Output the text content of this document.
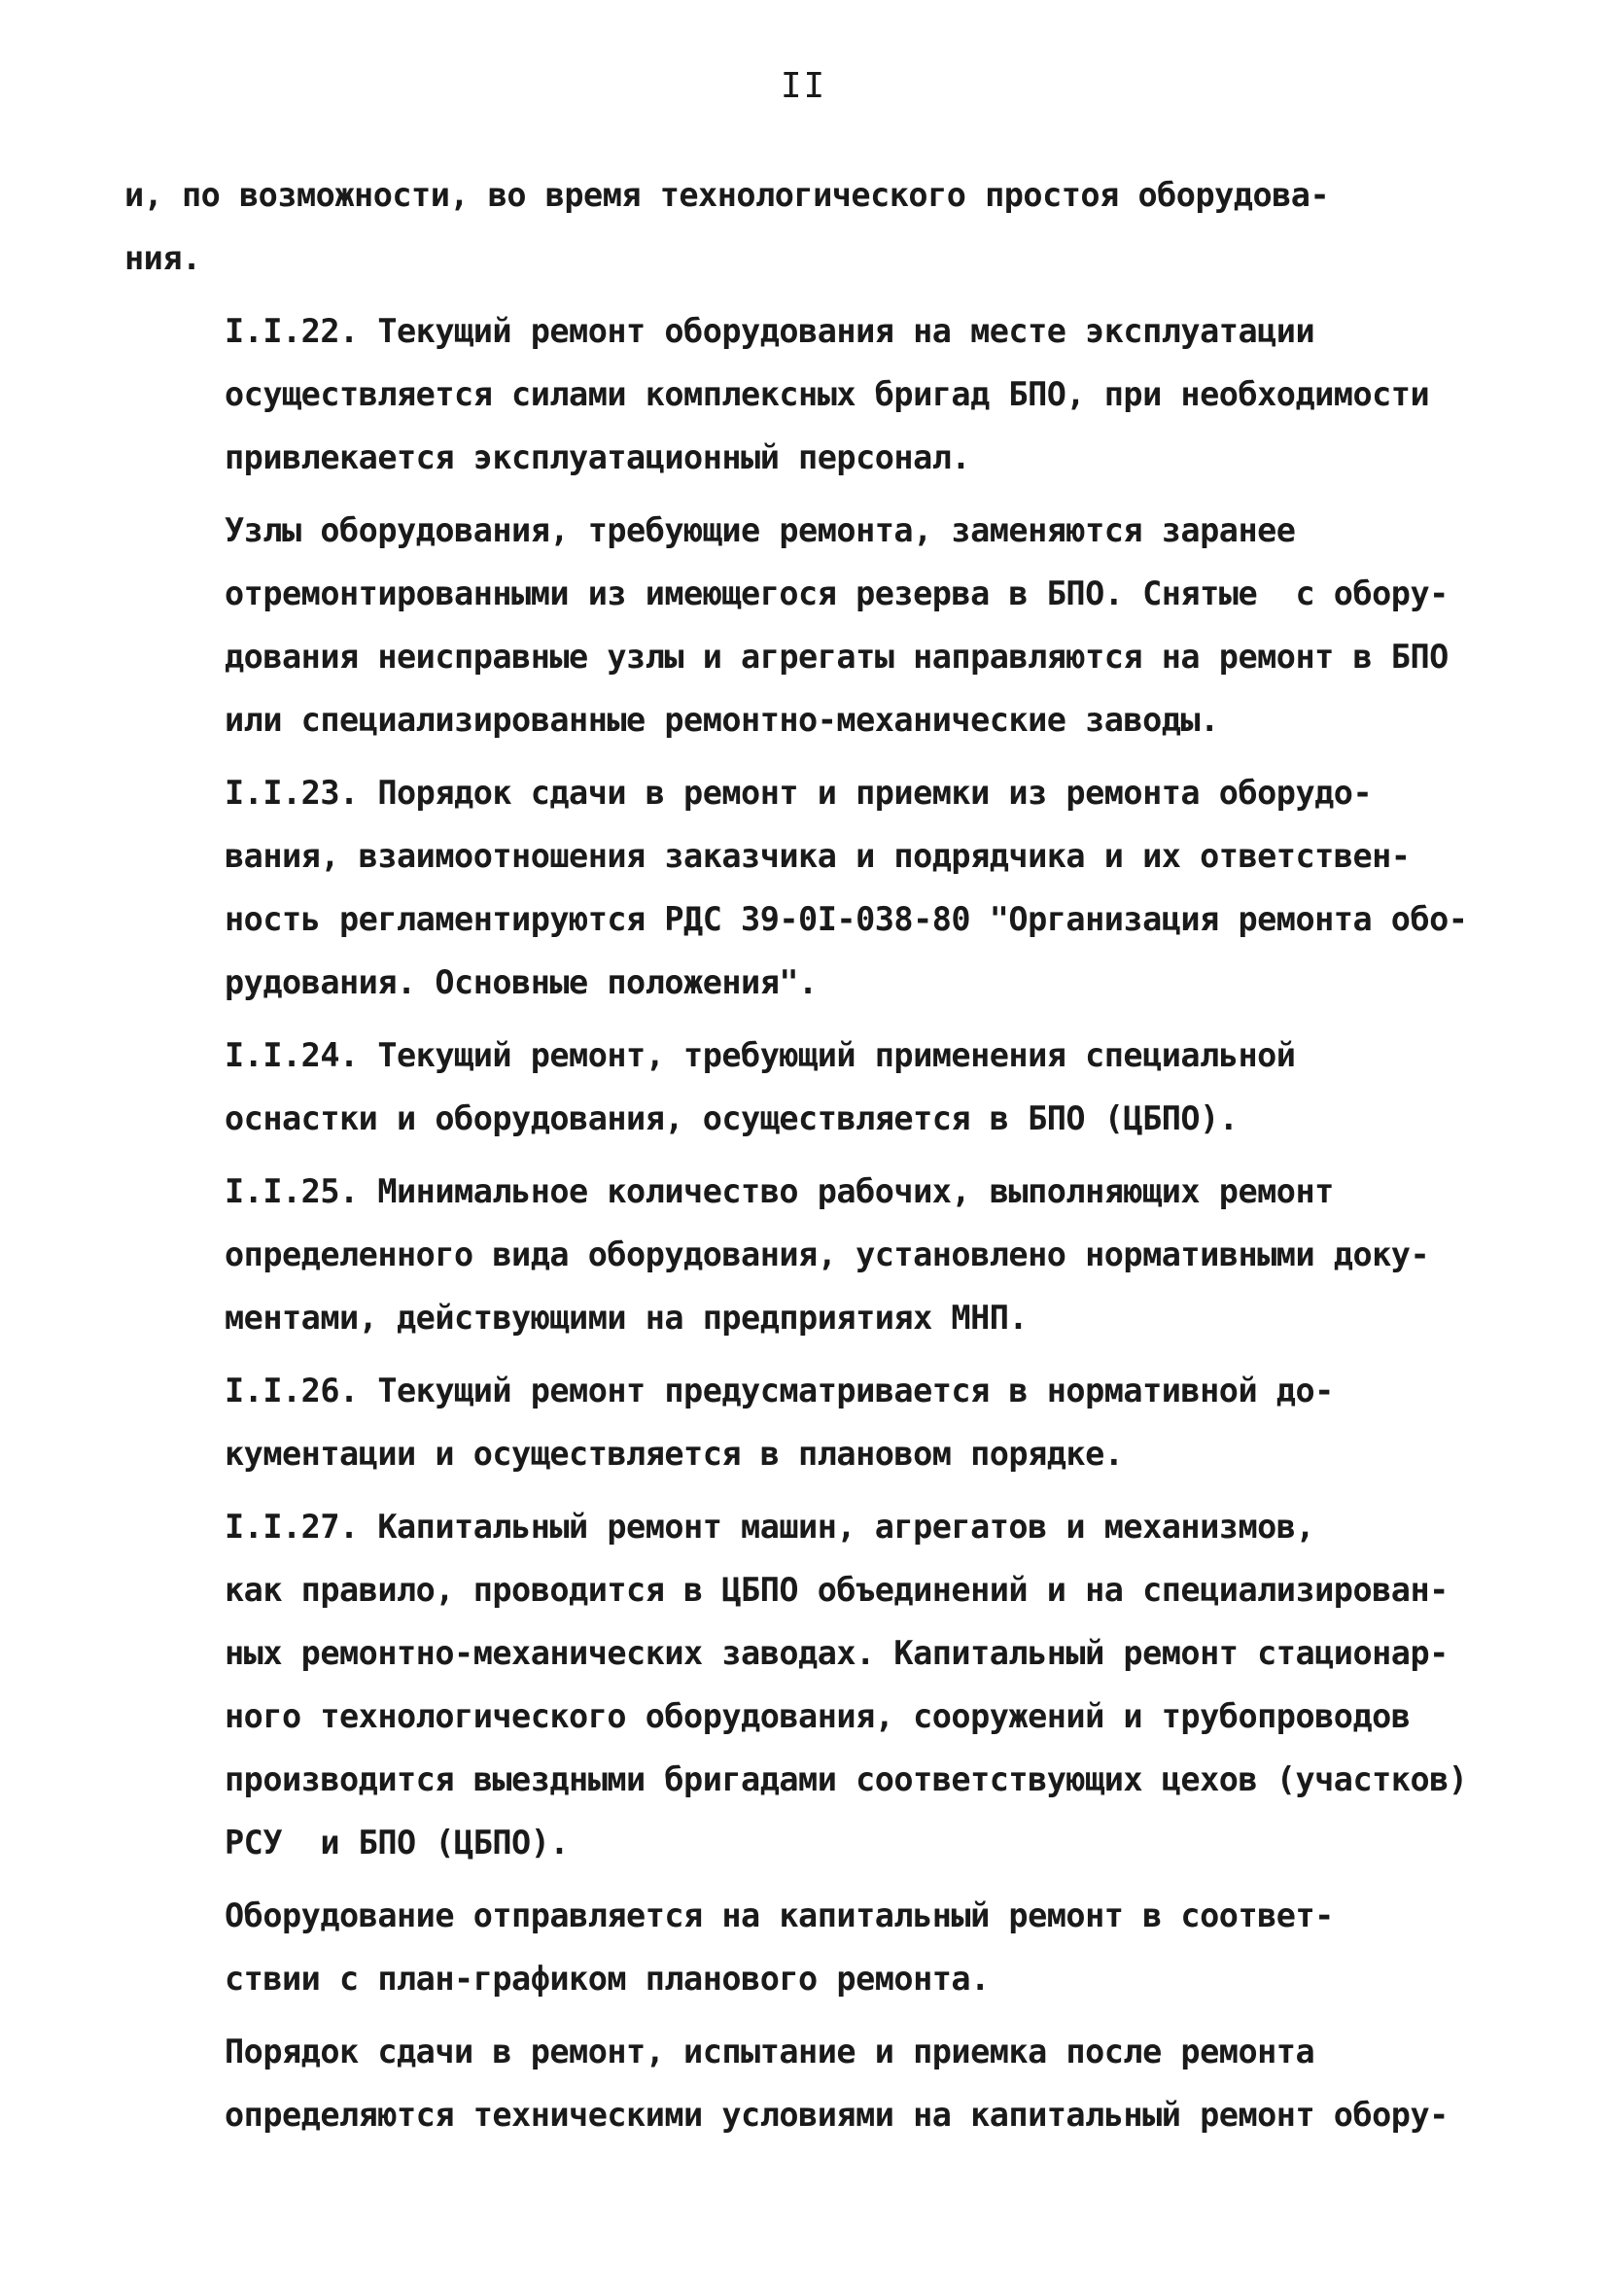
II

и, по возможности, во время технологического простоя оборудова-
ния.

I.I.22. Текущий ремонт оборудования на месте эксплуатации
осуществляется силами комплексных бригад БПО, при необходимости
привлекается эксплуатационный персонал.

Узлы оборудования, требующие ремонта, заменяются заранее
отремонтированными из имеющегося резерва в БПО. Снятые  с обору-
дования неисправные узлы и агрегаты направляются на ремонт в БПО
или специализированные ремонтно-механические заводы.

I.I.23. Порядок сдачи в ремонт и приемки из ремонта оборудо-
вания, взаимоотношения заказчика и подрядчика и их ответствен-
ность регламентируются РДС 39-0I-038-80 "Организация ремонта обо-
рудования. Основные положения".

I.I.24. Текущий ремонт, требующий применения специальной
оснастки и оборудования, осуществляется в БПО (ЦБПО).

I.I.25. Минимальное количество рабочих, выполняющих ремонт
определенного вида оборудования, установлено нормативными доку-
ментами, действующими на предприятиях МНП.

I.I.26. Текущий ремонт предусматривается в нормативной до-
кументации и осуществляется в плановом порядке.

I.I.27. Капитальный ремонт машин, агрегатов и механизмов,
как правило, проводится в ЦБПО объединений и на специализирован-
ных ремонтно-механических заводах. Капитальный ремонт стационар-
ного технологического оборудования, сооружений и трубопроводов
производится выездными бригадами соответствующих цехов (участков)
РСУ  и БПО (ЦБПО).

Оборудование отправляется на капитальный ремонт в соответ-
ствии с план-графиком планового ремонта.

Порядок сдачи в ремонт, испытание и приемка после ремонта
определяются техническими условиями на капитальный ремонт обору-
